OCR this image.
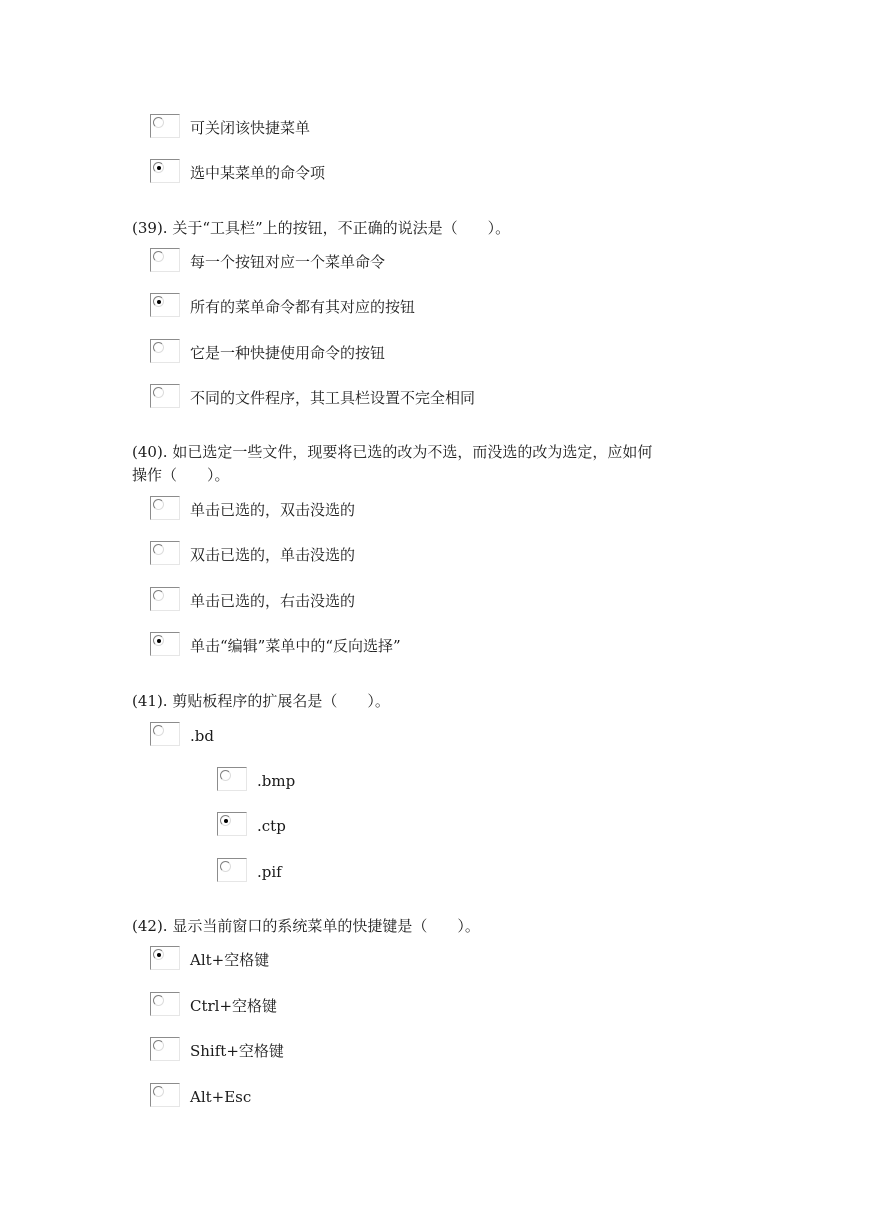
可关闭该快捷菜单
选中某菜单的命令项
(39). 关于“工具栏”上的按钮，不正确的说法是（　　）。
每一个按钮对应一个菜单命令
所有的菜单命令都有其对应的按钮
它是一种快捷使用命令的按钮
不同的文件程序，其工具栏设置不完全相同
(40). 如已选定一些文件，现要将已选的改为不选，而没选的改为选定，应如何
操作（　　）。
单击已选的，双击没选的
双击已选的，单击没选的
单击已选的，右击没选的
单击“编辑”菜单中的“反向选择”
(41). 剪贴板程序的扩展名是（　　）。
.bd
.bmp
.ctp
.pif
(42). 显示当前窗口的系统菜单的快捷键是（　　）。
Alt+空格键
Ctrl+空格键
Shift+空格键
Alt+Esc
